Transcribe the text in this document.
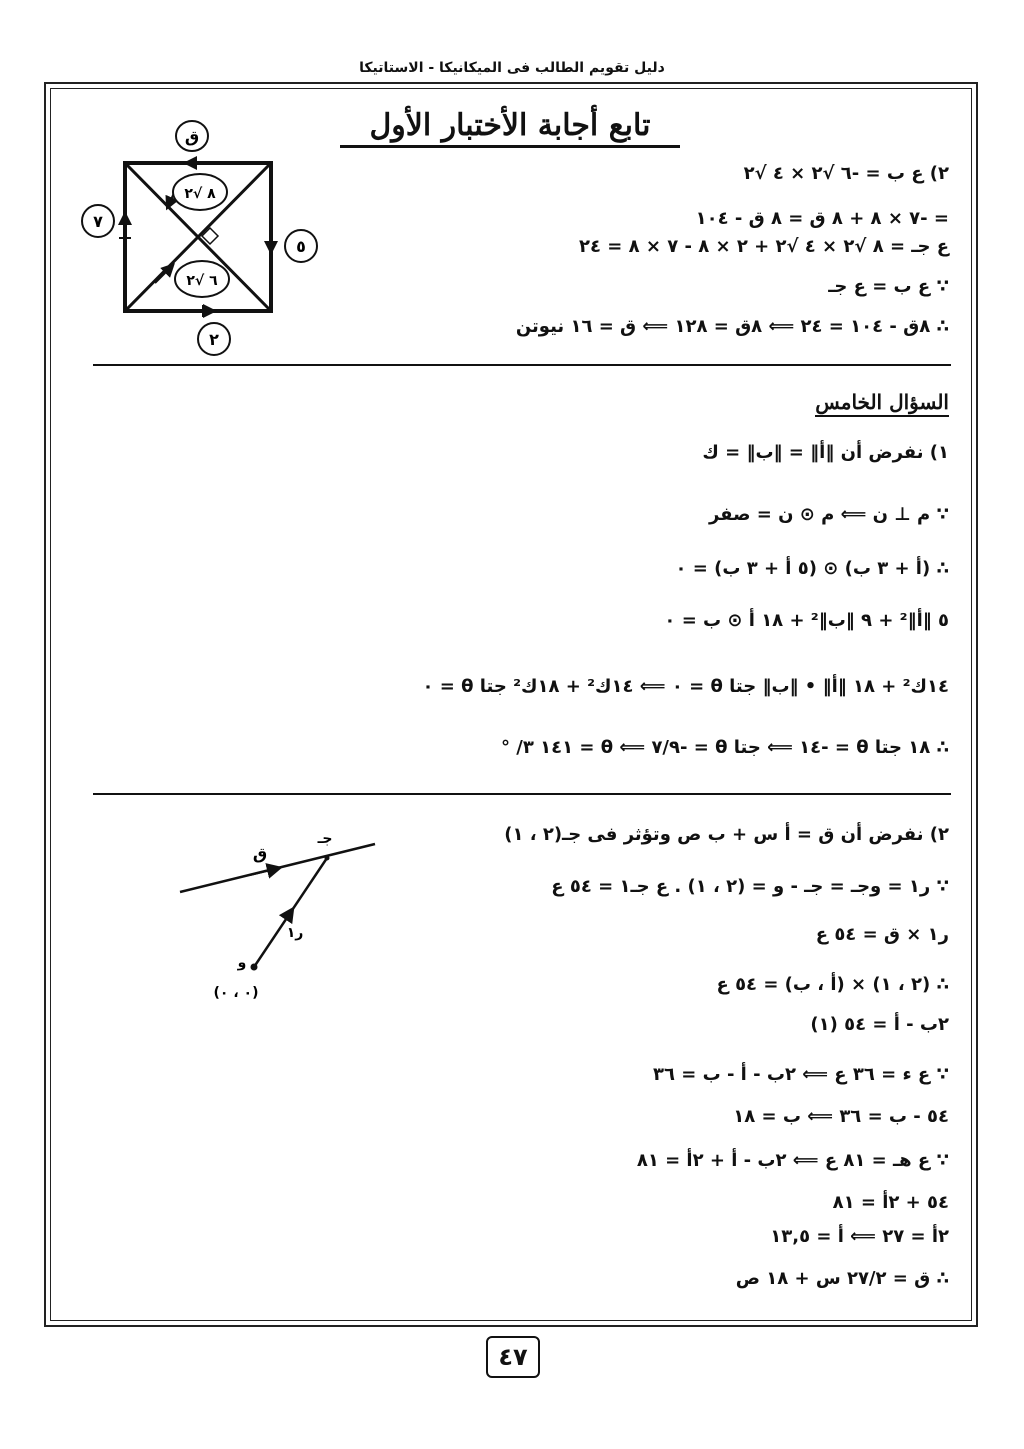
دليل تقويم الطالب فى الميكانيكا - الاستاتيكا
تابع أجابة الأختبار الأول
٢) ع ب = -٦ √٢ × ٤ √٢
= -٧ × ٨ + ٨ ق = ٨ ق - ١٠٤
ع جـ = ٨ √٢ × ٤ √٢ + ٢ × ٨ - ٧ × ٨ = ٢٤
∵ ع ب = ع جـ
∴ ٨ق - ١٠٤ = ٢٤ ⟸ ٨ق = ١٢٨ ⟸ ق = ١٦ نيوتن
ق
٨ √٢
٦ √٢
٧
٥
٢
السؤال الخامس
١) نفرض أن ‖أ‖ = ‖ب‖ = ك
∵ م ⊥ ن ⟸ م ⊙ ن = صفر
∴ (أ + ٣ ب) ⊙ (٥ أ + ٣ ب) = ٠
٥ ‖أ‖² + ٩ ‖ب‖² + ١٨ أ ⊙ ب = ٠
١٤ك² + ١٨ ‖أ‖ • ‖ب‖ جتا θ = ٠ ⟸ ١٤ك² + ١٨ك² جتا θ = ٠
∴ ١٨ جتا θ = -١٤ ⟸ جتا θ = -٧/٩ ⟸ θ = ١٤١ ٣/ °
٢) نفرض أن ق = أ س + ب ص وتؤثر فى جـ(٢ ، ١)
∵ ر١ = وجـ = جـ - و = (٢ ، ١) . ع جـ١ = ٥٤ ع
ر١ × ق = ٥٤ ع
∴ (٢ ، ١) × (أ ، ب) = ٥٤ ع
٢ب - أ = ٥٤ (١)
∵ ع ء = ٣٦ ع ⟸ ٢ب - أ - ب = ٣٦
٥٤ - ب = ٣٦ ⟸ ب = ١٨
∵ ع هـ = ٨١ ع ⟸ ٢ب - أ + ٢أ = ٨١
٥٤ + ٢أ = ٨١
٢أ = ٢٧ ⟸ أ = ١٣,٥
∴ ق = ٢٧/٢ س + ١٨ ص
جـ
ق
ر١
و
(٠ ، ٠)
٤٧
